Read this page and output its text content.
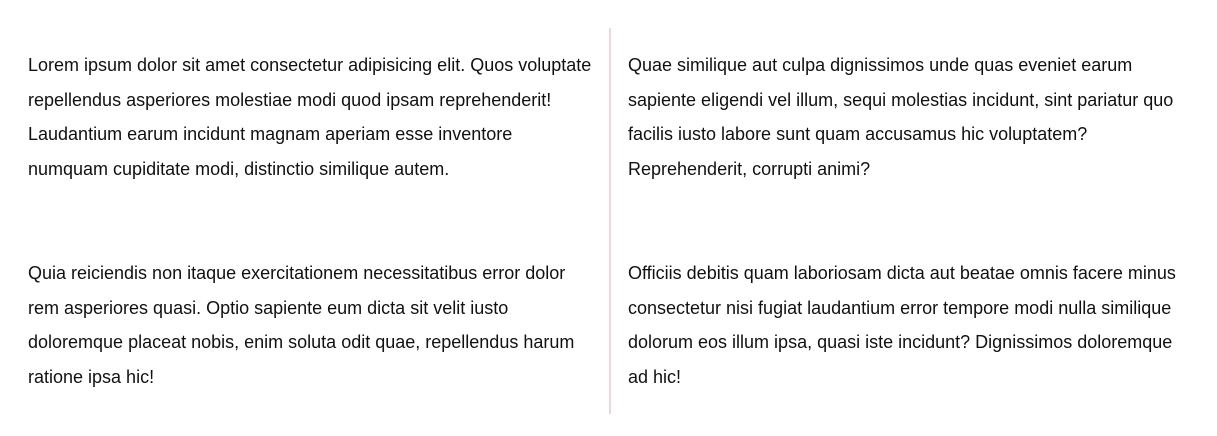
Lorem ipsum dolor sit amet consectetur adipisicing elit. Quos voluptate repellendus asperiores molestiae modi quod ipsam reprehenderit! Laudantium earum incidunt magnam aperiam esse inventore numquam cupiditate modi, distinctio similique autem.

Quae similique aut culpa dignissimos unde quas eveniet earum sapiente eligendi vel illum, sequi molestias incidunt, sint pariatur quo facilis iusto labore sunt quam accusamus hic voluptatem? Reprehenderit, corrupti animi?

Quia reiciendis non itaque exercitationem necessitatibus error dolor rem asperiores quasi. Optio sapiente eum dicta sit velit iusto doloremque placeat nobis, enim soluta odit quae, repellendus harum ratione ipsa hic!

Officiis debitis quam laboriosam dicta aut beatae omnis facere minus consectetur nisi fugiat laudantium error tempore modi nulla similique dolorum eos illum ipsa, quasi iste incidunt? Dignissimos doloremque ad hic!
